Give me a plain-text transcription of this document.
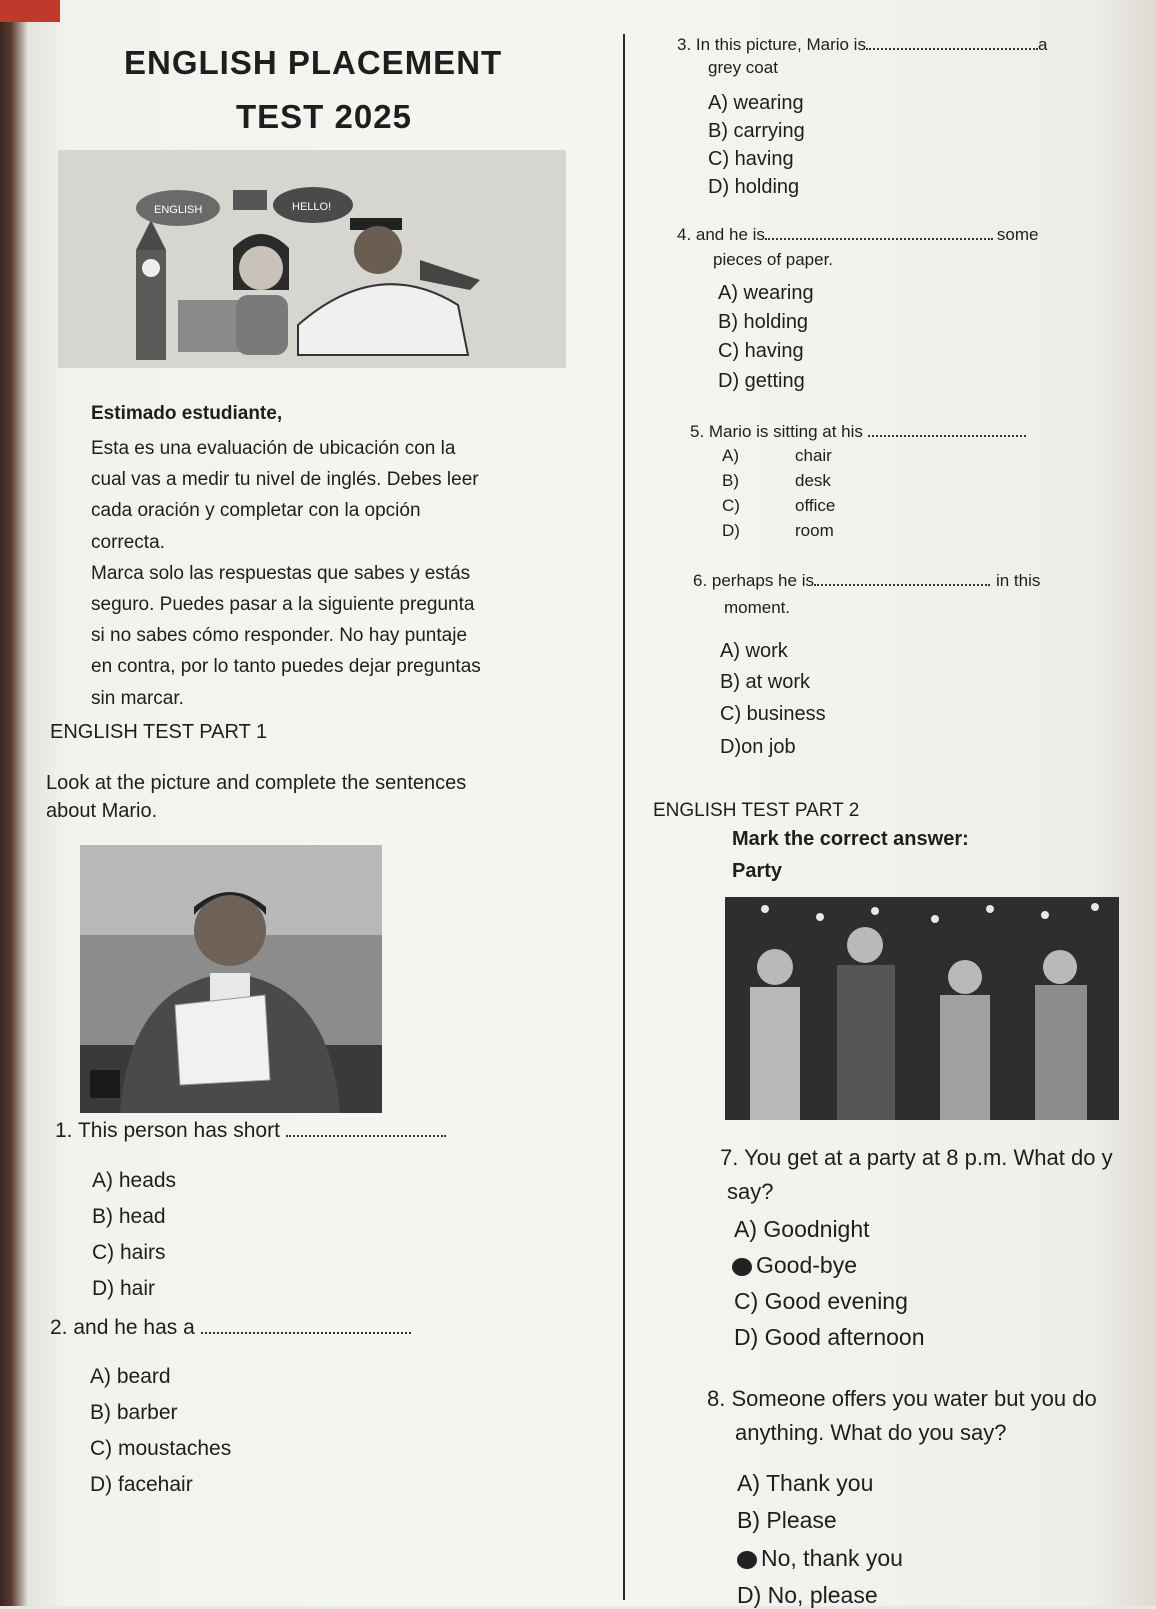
ENGLISH PLACEMENT
TEST 2025
ENGLISH	HELLO!
Estimado estudiante,
Esta es una evaluación de ubicación con la
cual vas a medir tu nivel de inglés. Debes leer
cada oración y completar con la opción
correcta.
Marca solo las respuestas que sabes y estás
seguro. Puedes pasar a la siguiente pregunta
si no sabes cómo responder. No hay puntaje
en contra, por lo tanto puedes dejar preguntas
sin marcar.
ENGLISH TEST PART 1
Look at the picture and complete the sentences
about Mario.
1. This person has short
A) heads
B) head
C) hairs
D) hair
2. and he has a
A) beard
B) barber
C) moustaches
D) facehair
3. In this picture, Mario is	a
grey coat
A) wearing
B) carrying
C) having
D) holding
4. and he is	some
pieces of paper.
A) wearing
B) holding
C) having
D) getting
5. Mario is sitting at his
A)	chair
B)	desk
C)	office
D)	room
6. perhaps he is	in this
moment.
A) work
B) at work
C) business
D)on job
ENGLISH TEST PART 2
Mark the correct answer:
Party
7. You get at a party at 8 p.m. What do y
say?
A) Goodnight
Good-bye
C) Good evening
D) Good afternoon
8. Someone offers you water but you do
anything. What do you say?
A) Thank you
B) Please
No, thank you
D) No, please
